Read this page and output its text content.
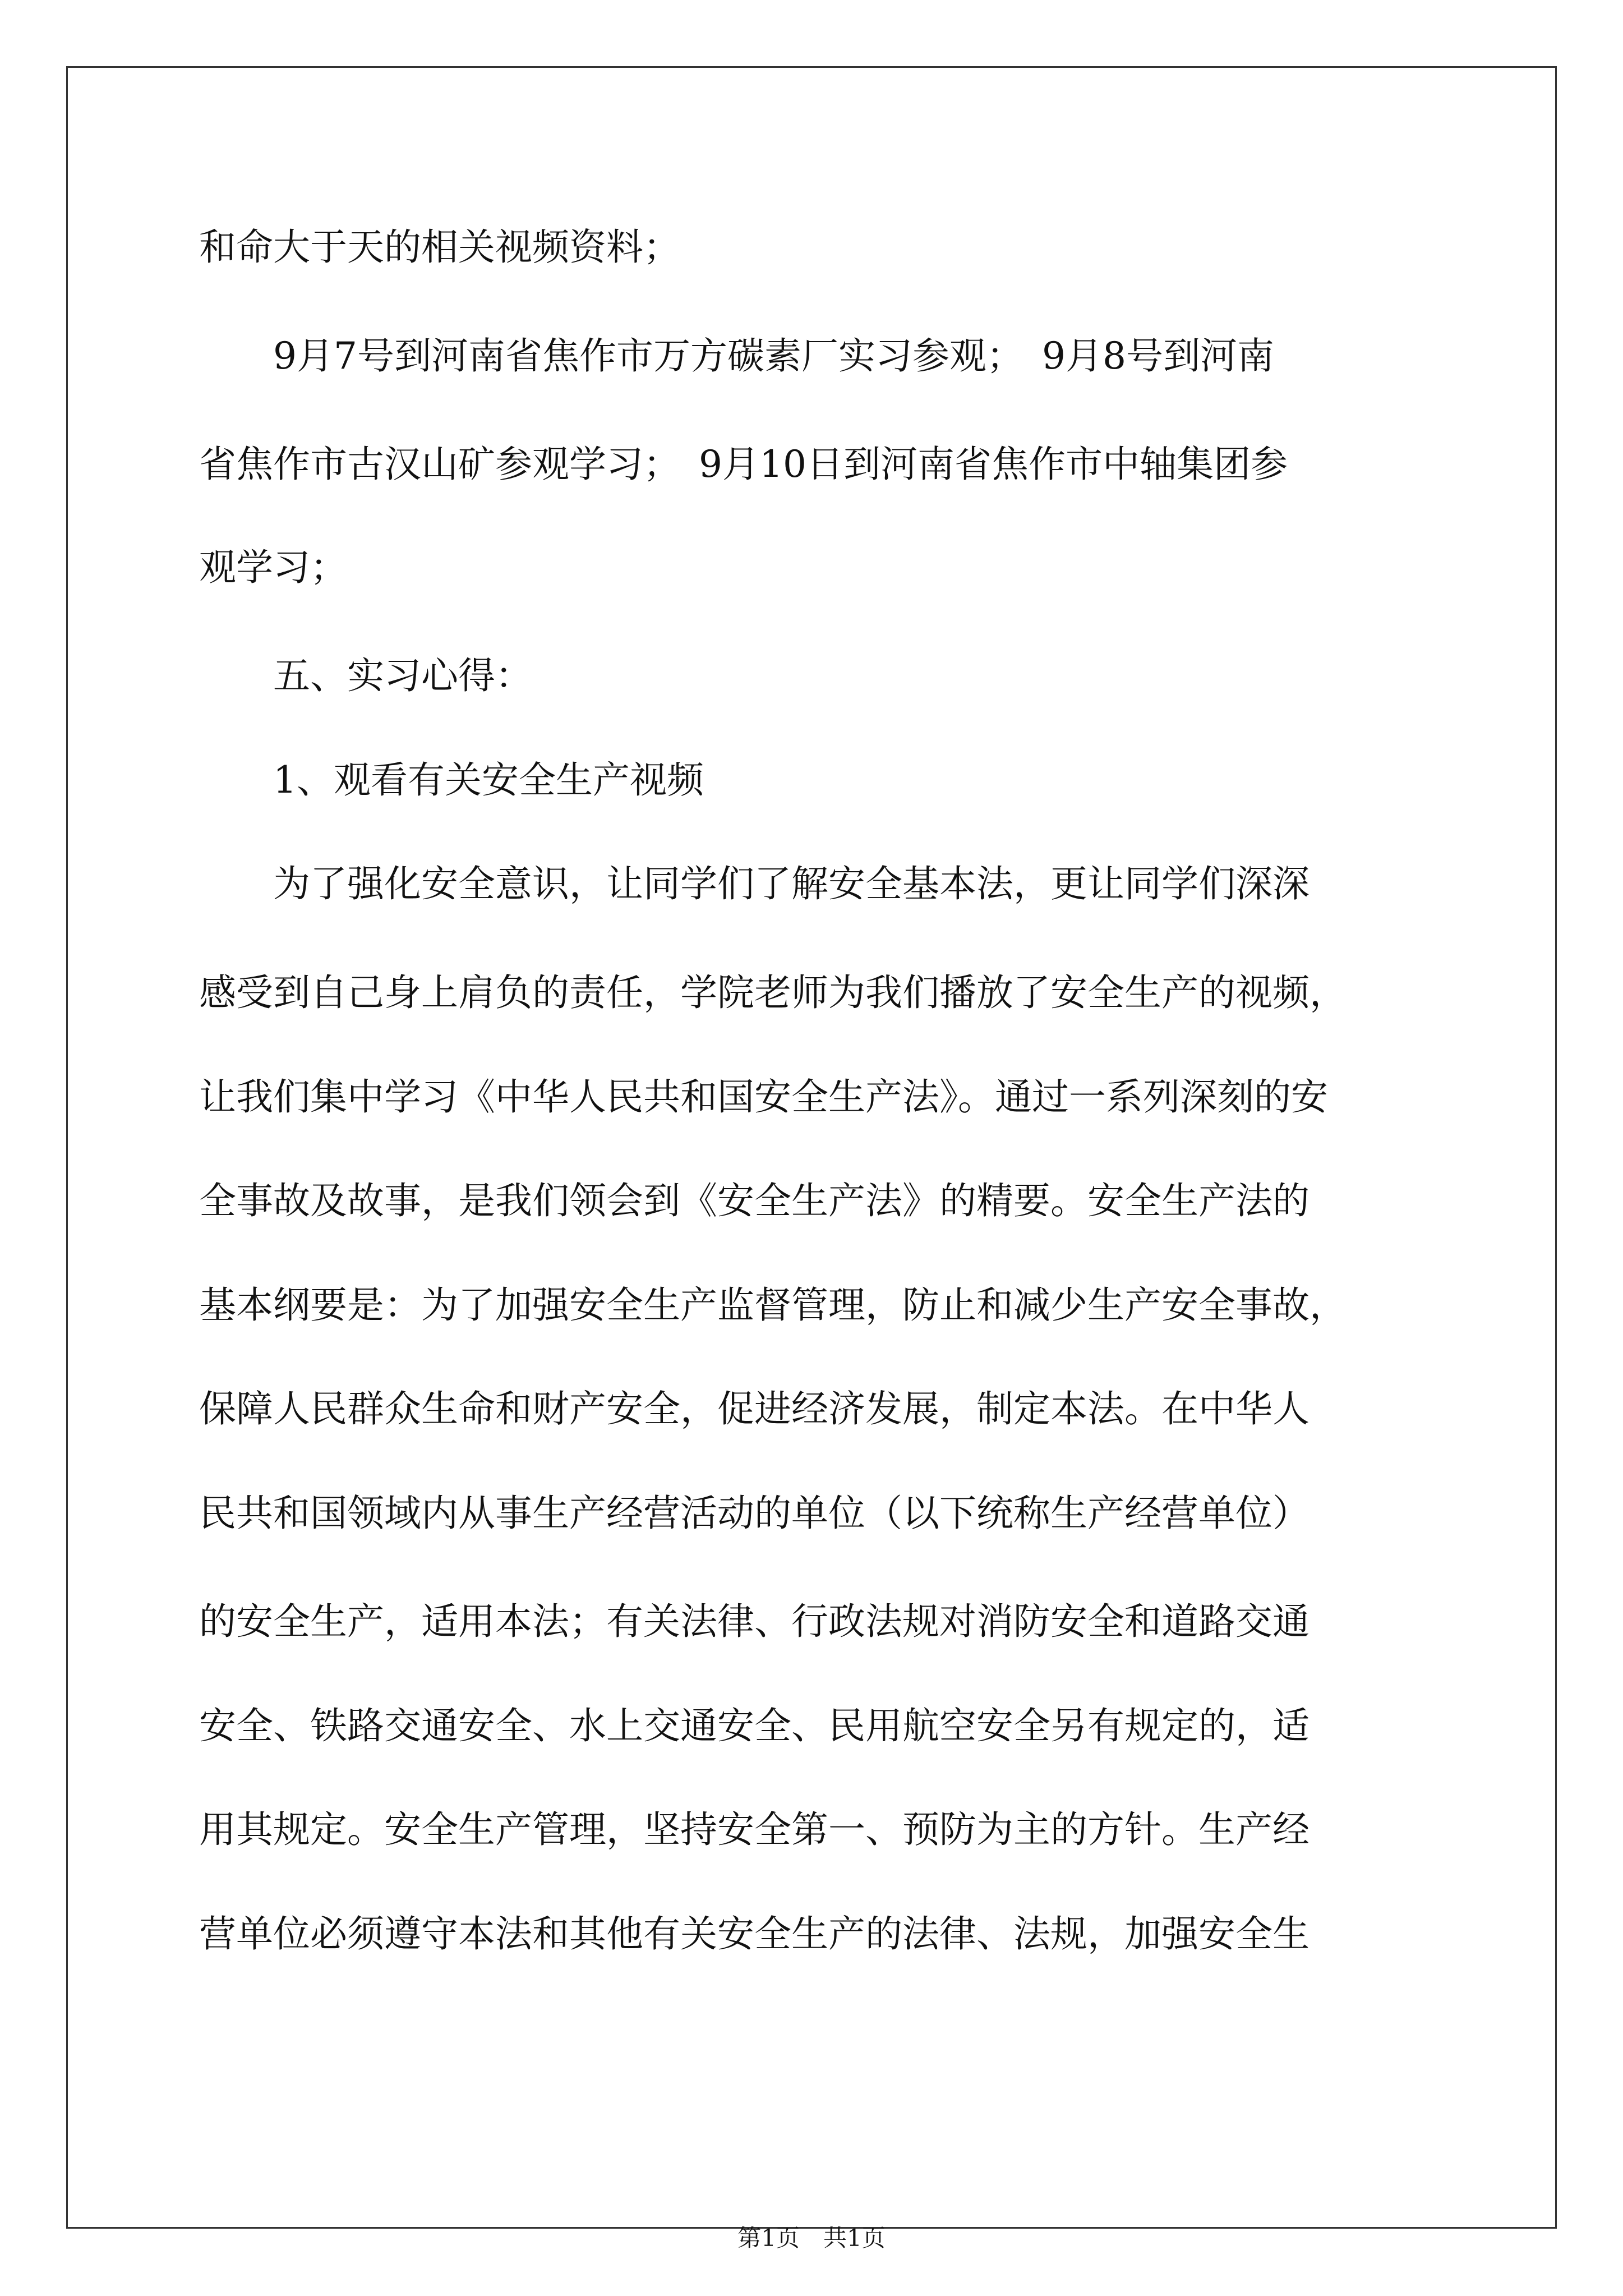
和命大于天的相关视频资料；
　　9月7号到河南省焦作市万方碳素厂实习参观；　9月8号到河南
省焦作市古汉山矿参观学习；　9月10日到河南省焦作市中轴集团参
观学习；
　　五、实习心得：
　　1、观看有关安全生产视频
　　为了强化安全意识，让同学们了解安全基本法，更让同学们深深
感受到自己身上肩负的责任，学院老师为我们播放了安全生产的视频，
让我们集中学习《中华人民共和国安全生产法》。通过一系列深刻的安
全事故及故事，是我们领会到《安全生产法》的精要。安全生产法的
基本纲要是：为了加强安全生产监督管理，防止和减少生产安全事故，
保障人民群众生命和财产安全，促进经济发展，制定本法。在中华人
民共和国领域内从事生产经营活动的单位（以下统称生产经营单位）
的安全生产，适用本法；有关法律、行政法规对消防安全和道路交通
安全、铁路交通安全、水上交通安全、民用航空安全另有规定的，适
用其规定。安全生产管理，坚持安全第一、预防为主的方针。生产经
营单位必须遵守本法和其他有关安全生产的法律、法规，加强安全生
第1页 共1页
